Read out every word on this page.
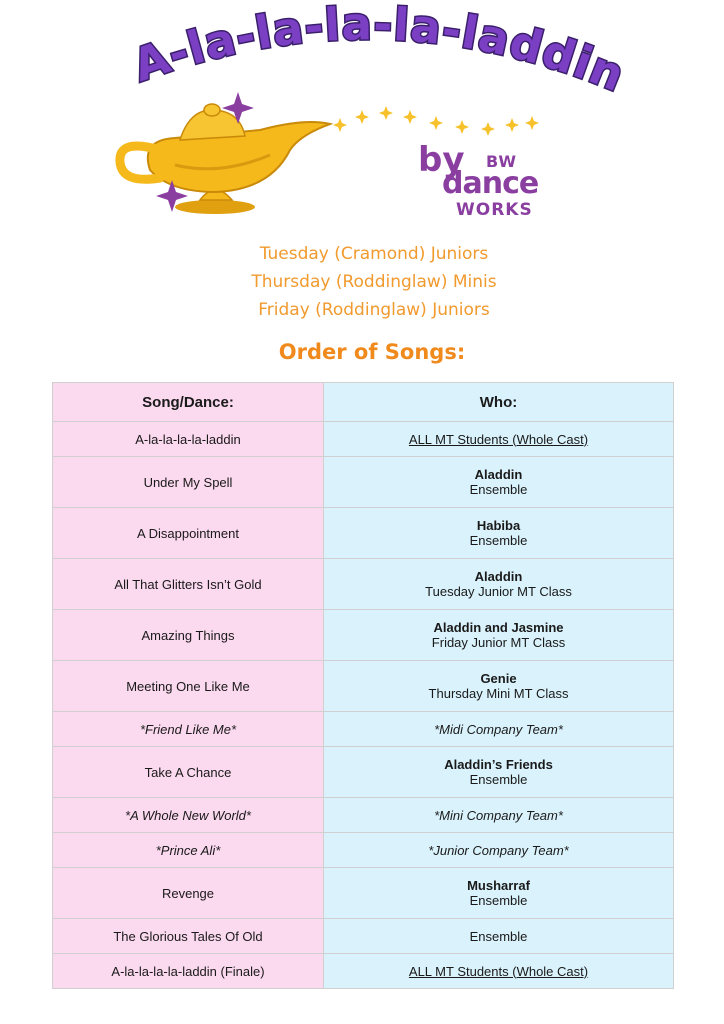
A-la-la-la-la-laddin
by BW
dance
WORKS
Tuesday (Cramond) Juniors
Thursday (Roddinglaw) Minis
Friday (Roddinglaw) Juniors
Order of Songs:
Song/Dance:	Who:
A-la-la-la-la-laddin	ALL MT Students (Whole Cast)
Under My Spell	Aladdin
Ensemble

A Disappointment	Habiba
Ensemble

All That Glitters Isn’t Gold	Aladdin
Tuesday Junior MT Class

Amazing Things	Aladdin and Jasmine
Friday Junior MT Class

Meeting One Like Me	Genie
Thursday Mini MT Class

*Friend Like Me*	*Midi Company Team*
Take A Chance	Aladdin’s Friends
Ensemble

*A Whole New World*	*Mini Company Team*
*Prince Ali*	*Junior Company Team*
Revenge	Musharraf
Ensemble

The Glorious Tales Of Old	Ensemble
A-la-la-la-la-laddin (Finale)	ALL MT Students (Whole Cast)
